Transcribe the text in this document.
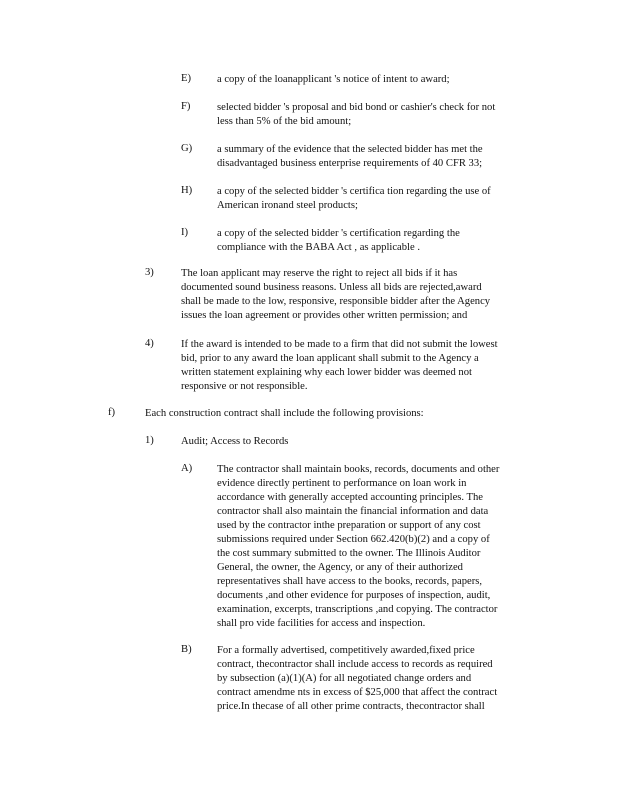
E) a copy of the loanapplicant 's notice of intent to award;
F)	selected bidder 's proposal and bid bond or cashier's check for not
less than 5% of the bid amount;
G) a summary of the evidence that the selected bidder has met the
disadvantaged business enterprise requirements of 40 CFR 33;
H) a copy of the selected bidder 's certifica tion regarding the use of
American ironand steel products;
I)	a copy of the selected bidder 's certification regarding the
compliance with the BABA Act , as applicable .
3)	The loan applicant may reserve the right to reject all bids if it has
documented sound business reasons. Unless all bids are rejected,award
shall be made to the low, responsive, responsible bidder after the Agency
issues the loan agreement or provides other written permission; and
4)	If the award is intended to be made to a firm that did not submit the lowest
bid, prior to any award the loan applicant shall submit to the Agency a
written statement explaining why each lower bidder was deemed not
responsive or not responsible.
f)	Each construction contract shall include the following provisions:
1)	Audit; Access to Records
A) The contractor shall maintain books, records, documents and other
evidence directly pertinent to performance on loan work in
accordance with generally accepted accounting principles. The
contractor shall also maintain the financial information and data
used by the contractor inthe preparation or support of any cost
submissions required under Section 662.420(b)(2) and a copy of
the cost summary submitted to the owner. The Illinois Auditor
General, the owner, the Agency, or any of their authorized
representatives shall have access to the books, records, papers,
documents ,and other evidence for purposes of inspection, audit,
examination, excerpts, transcriptions ,and copying. The contractor
shall pro vide facilities for access and inspection.
B) For a formally advertised, competitively awarded,fixed price
contract, thecontractor shall include access to records as required
by subsection (a)(1)(A) for all negotiated change orders and
contract amendme nts in excess of $25,000 that affect the contract
price.In thecase of all other prime contracts, thecontractor shall
